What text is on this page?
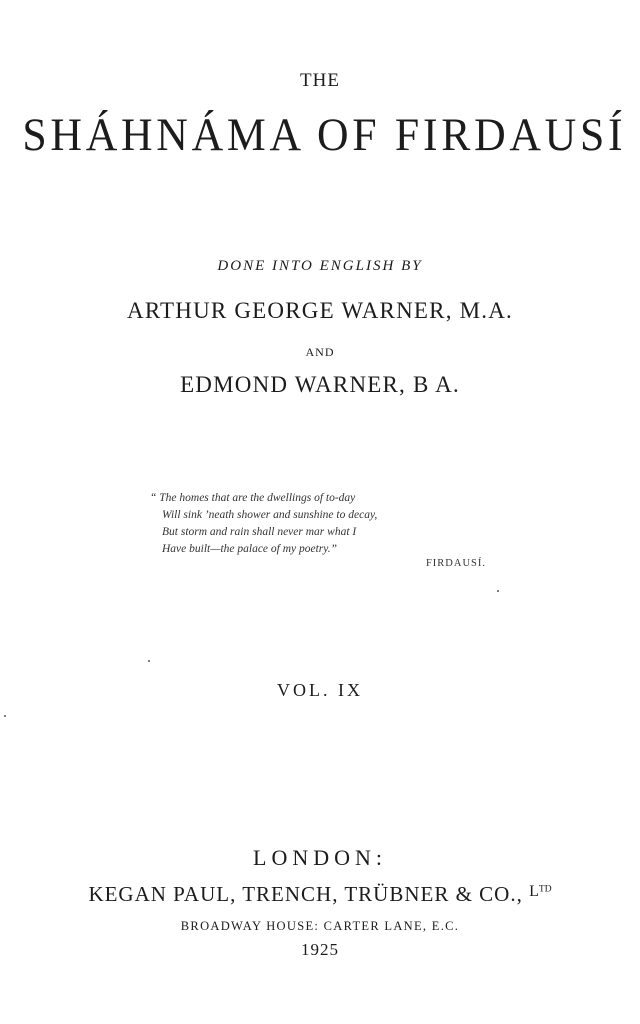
THE
SHÁHNÁMA OF FIRDAUSÍ
DONE INTO ENGLISH BY
ARTHUR GEORGE WARNER, M.A.
AND
EDMOND WARNER, B A.
“ The homes that are the dwellings of to-day
Will sink ’neath shower and sunshine to decay,
But storm and rain shall never mar what I
Have built—the palace of my poetry.”
FIRDAUSÍ.
VOL. IX
LONDON:
KEGAN PAUL, TRENCH, TRÜBNER & CO., $^{Lᵀᴰ}$
BROADWAY HOUSE: CARTER LANE, E.C.
1925
